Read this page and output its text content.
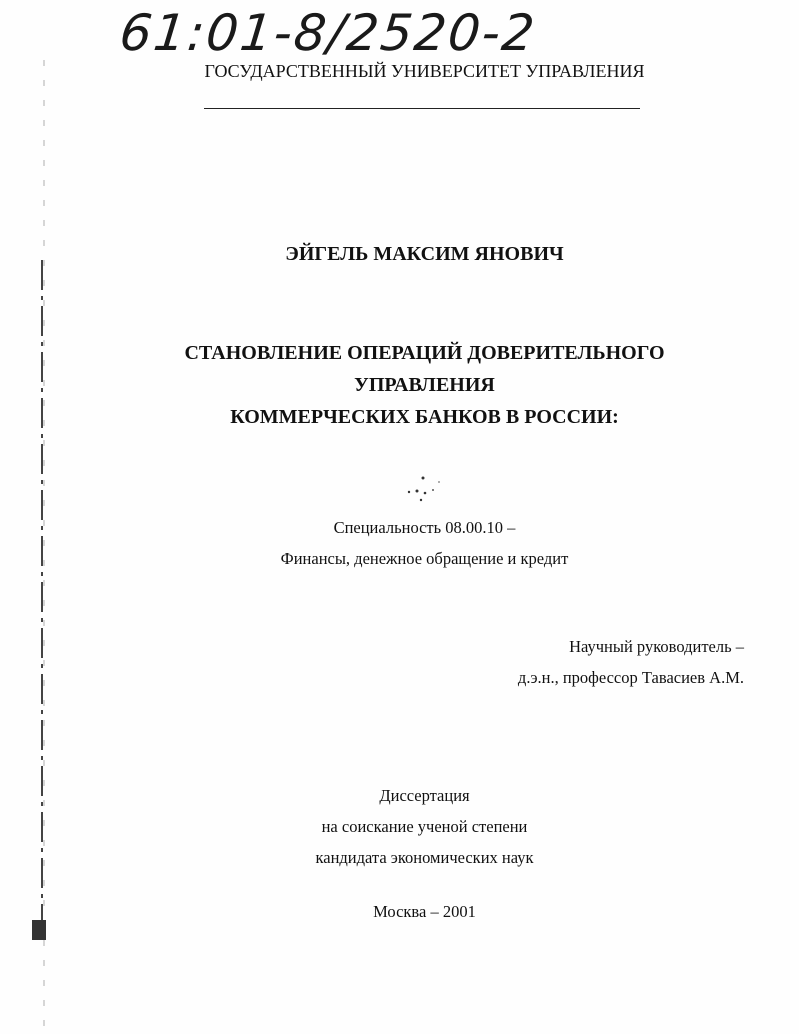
61:01-8/2520-2
ГОСУДАРСТВЕННЫЙ УНИВЕРСИТЕТ УПРАВЛЕНИЯ
ЭЙГЕЛЬ МАКСИМ ЯНОВИЧ
СТАНОВЛЕНИЕ ОПЕРАЦИЙ ДОВЕРИТЕЛЬНОГО
УПРАВЛЕНИЯ
КОММЕРЧЕСКИХ БАНКОВ В РОССИИ:
Специальность 08.00.10 –
Финансы, денежное обращение и кредит
Научный руководитель –
д.э.н., профессор Тавасиев А.М.
Диссертация
на соискание ученой степени
кандидата экономических наук
Москва – 2001
